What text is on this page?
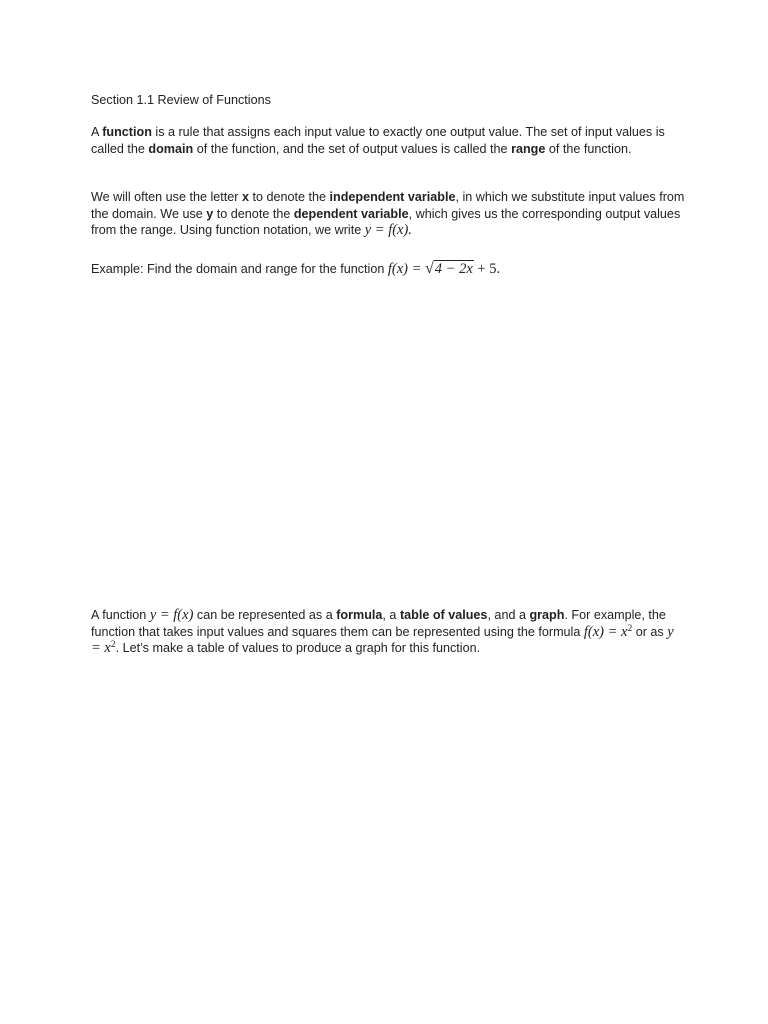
Section 1.1 Review of Functions

A function is a rule that assigns each input value to exactly one output value. The set of input values is called the domain of the function, and the set of output values is called the range of the function.

We will often use the letter x to denote the independent variable, in which we substitute input values from the domain. We use y to denote the dependent variable, which gives us the corresponding output values from the range. Using function notation, we write y = f(x).

Example: Find the domain and range for the function f(x) = √4 − 2x + 5.

A function y = f(x) can be represented as a formula, a table of values, and a graph. For example, the function that takes input values and squares them can be represented using the formula $f(x) = x^2$ or as $y = x^2$. Let’s make a table of values to produce a graph for this function.
